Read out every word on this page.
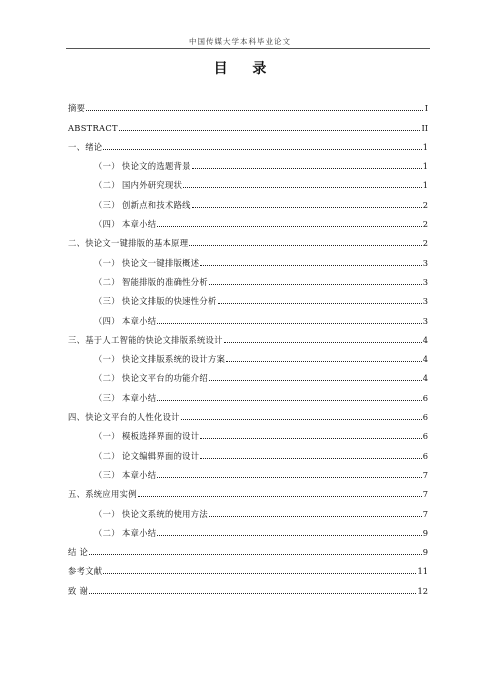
中国传媒大学本科毕业论文
目 录
摘要	I
ABSTRACT	II
一、绪论	1
（一） 快论文的选题背景	1
（二） 国内外研究现状	1
（三） 创新点和技术路线	2
（四） 本章小结	2
二、快论文一键排版的基本原理	2
（一） 快论文一键排版概述	3
（二） 智能排版的准确性分析	3
（三） 快论文排版的快速性分析	3
（四） 本章小结	3
三、基于人工智能的快论文排版系统设计	4
（一） 快论文排版系统的设计方案	4
（二） 快论文平台的功能介绍	4
（三） 本章小结	6
四、快论文平台的人性化设计	6
（一） 模板选择界面的设计	6
（二） 论文编辑界面的设计	6
（三） 本章小结	7
五、系统应用实例	7
（一） 快论文系统的使用方法	7
（二） 本章小结	9
结 论	9
参考文献	11
致 谢	12
